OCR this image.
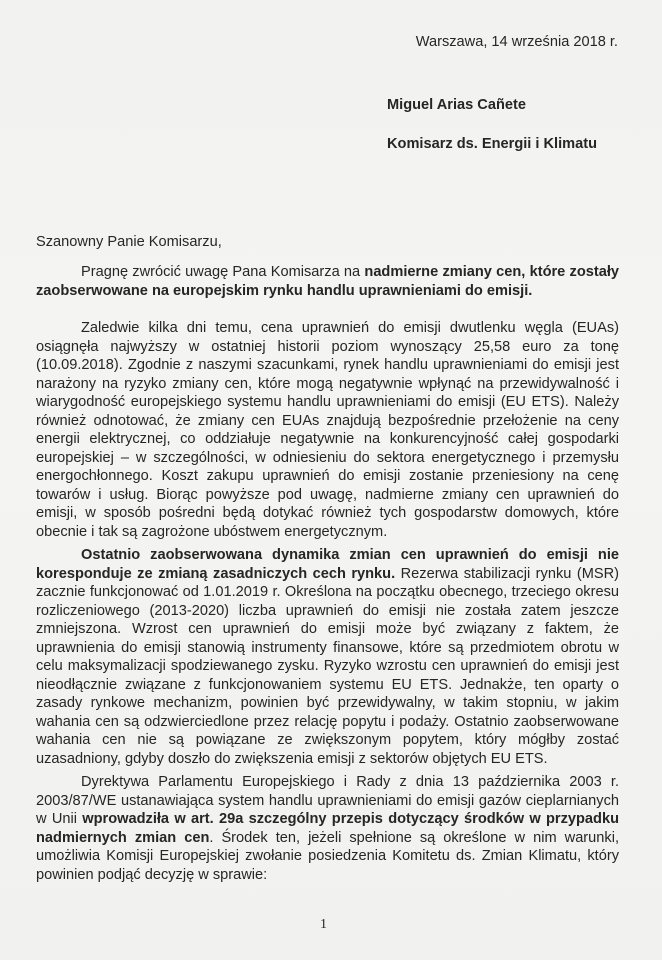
Warszawa, 14 września 2018 r.
Miguel Arias Cañete
Komisarz ds. Energii i Klimatu
Szanowny Panie Komisarzu,
Pragnę zwrócić uwagę Pana Komisarza na nadmierne zmiany cen, które zostały zaobserwowane na europejskim rynku handlu uprawnieniami do emisji.
Zaledwie kilka dni temu, cena uprawnień do emisji dwutlenku węgla (EUAs) osiągnęła najwyższy w ostatniej historii poziom wynoszący 25,58 euro za tonę (10.09.2018). Zgodnie z naszymi szacunkami, rynek handlu uprawnieniami do emisji jest narażony na ryzyko zmiany cen, które mogą negatywnie wpłynąć na przewidywalność i wiarygodność europejskiego systemu handlu uprawnieniami do emisji (EU ETS). Należy również odnotować, że zmiany cen EUAs znajdują bezpośrednie przełożenie na ceny energii elektrycznej, co oddziałuje negatywnie na konkurencyjność całej gospodarki europejskiej – w szczególności, w odniesieniu do sektora energetycznego i przemysłu energochłonnego. Koszt zakupu uprawnień do emisji zostanie przeniesiony na cenę towarów i usług. Biorąc powyższe pod uwagę, nadmierne zmiany cen uprawnień do emisji, w sposób pośredni będą dotykać również tych gospodarstw domowych, które obecnie i tak są zagrożone ubóstwem energetycznym.
Ostatnio zaobserwowana dynamika zmian cen uprawnień do emisji nie koresponduje ze zmianą zasadniczych cech rynku. Rezerwa stabilizacji rynku (MSR) zacznie funkcjonować od 1.01.2019 r. Określona na początku obecnego, trzeciego okresu rozliczeniowego (2013-2020) liczba uprawnień do emisji nie została zatem jeszcze zmniejszona. Wzrost cen uprawnień do emisji może być związany z faktem, że uprawnienia do emisji stanowią instrumenty finansowe, które są przedmiotem obrotu w celu maksymalizacji spodziewanego zysku. Ryzyko wzrostu cen uprawnień do emisji jest nieodłącznie związane z funkcjonowaniem systemu EU ETS. Jednakże, ten oparty o zasady rynkowe mechanizm, powinien być przewidywalny, w takim stopniu, w jakim wahania cen są odzwierciedlone przez relację popytu i podaży. Ostatnio zaobserwowane wahania cen nie są powiązane ze zwiększonym popytem, który mógłby zostać uzasadniony, gdyby doszło do zwiększenia emisji z sektorów objętych EU ETS.
Dyrektywa Parlamentu Europejskiego i Rady z dnia 13 października 2003 r. 2003/87/WE ustanawiająca system handlu uprawnieniami do emisji gazów cieplarnianych w Unii wprowadziła w art. 29a szczególny przepis dotyczący środków w przypadku nadmiernych zmian cen. Środek ten, jeżeli spełnione są określone w nim warunki, umożliwia Komisji Europejskiej zwołanie posiedzenia Komitetu ds. Zmian Klimatu, który powinien podjąć decyzję w sprawie:
1
